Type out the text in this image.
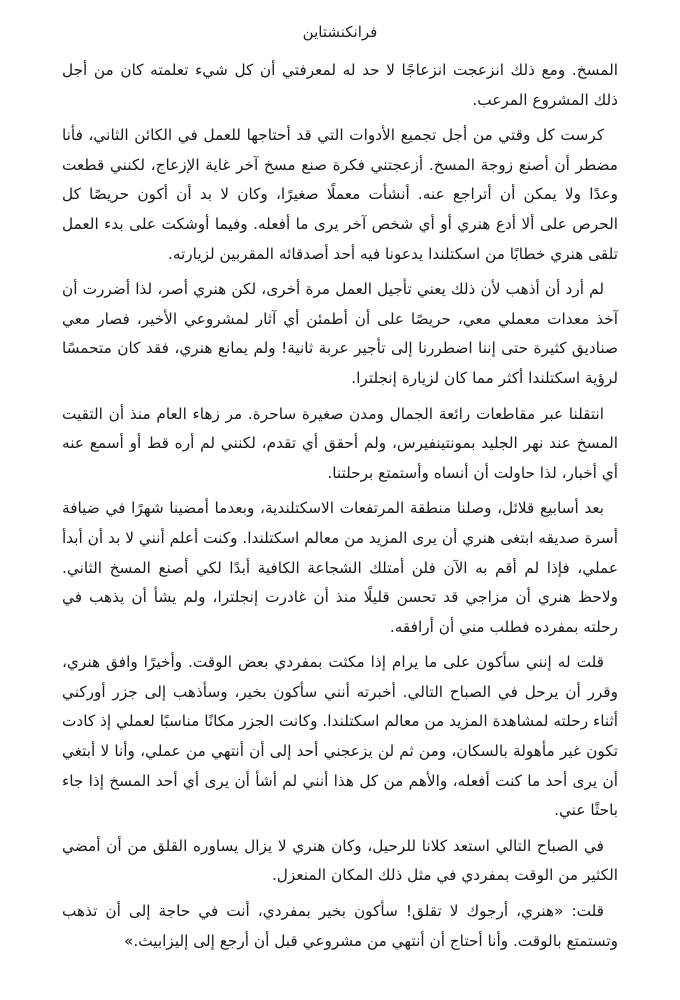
فرانكنشتاين

المسخ. ومع ذلك انزعجت انزعاجًا لا حد له لمعرفتي أن كل شيء تعلمته كان من أجل ذلك المشروع المرعب.

كرست كل وقتي من أجل تجميع الأدوات التي قد أحتاجها للعمل في الكائن الثاني، فأنا مضطر أن أصنع زوجة المسخ. أزعجتني فكرة صنع مسخ آخر غاية الإزعاج، لكنني قطعت وعدًا ولا يمكن أن أتراجع عنه. أنشأت معملًا صغيرًا، وكان لا بد أن أكون حريصًا كل الحرص على ألا أدع هنري أو أي شخص آخر يرى ما أفعله. وفيما أوشكت على بدء العمل تلقى هنري خطابًا من اسكتلندا يدعونا فيه أحد أصدقائه المقربين لزيارته.

لم أرد أن أذهب لأن ذلك يعني تأجيل العمل مرة أخرى، لكن هنري أصر، لذا أضررت أن آخذ معدات معملي معي، حريصًا على أن أطمئن أي آثار لمشروعي الأخير، فصار معي صناديق كثيرة حتى إننا اضطررنا إلى تأجير عربة ثانية! ولم يمانع هنري، فقد كان متحمسًا لرؤية اسكتلندا أكثر مما كان لزيارة إنجلترا.

انتقلنا عبر مقاطعات رائعة الجمال ومدن صغيرة ساحرة. مر زهاء العام منذ أن التقيت المسخ عند نهر الجليد بمونتينفيرس، ولم أحقق أي تقدم، لكنني لم أره قط أو أسمع عنه أي أخبار، لذا حاولت أن أنساه وأستمتع برحلتنا.

بعد أسابيع قلائل، وصلنا منطقة المرتفعات الاسكتلندية، وبعدما أمضينا شهرًا في ضيافة أسرة صديقه ابتغى هنري أن يرى المزيد من معالم اسكتلندا. وكنت أعلم أنني لا بد أن أبدأ عملي، فإذا لم أقم به الآن فلن أمتلك الشجاعة الكافية أبدًا لكي أصنع المسخ الثاني. ولاحظ هنري أن مزاجي قد تحسن قليلًا منذ أن غادرت إنجلترا، ولم يشأ أن يذهب في رحلته بمفرده فطلب مني أن أرافقه.

قلت له إنني سأكون على ما يرام إذا مكثت بمفردي بعض الوقت. وأخيرًا وافق هنري، وقرر أن يرحل في الصباح التالي. أخبرته أنني سأكون بخير، وسأذهب إلى جزر أوركني أثناء رحلته لمشاهدة المزيد من معالم اسكتلندا. وكانت الجزر مكانًا مناسبًا لعملي إذ كادت تكون غير مأهولة بالسكان، ومن ثم لن يزعجني أحد إلى أن أنتهي من عملي، وأنا لا أبتغي أن يرى أحد ما كنت أفعله، والأهم من كل هذا أنني لم أشأ أن يرى أي أحد المسخ إذا جاء باحثًا عني.

في الصباح التالي استعد كلانا للرحيل، وكان هنري لا يزال يساوره القلق من أن أمضي الكثير من الوقت بمفردي في مثل ذلك المكان المنعزل.

قلت: «هنري، أرجوك لا تقلق! سأكون بخير بمفردي، أنت في حاجة إلى أن تذهب وتستمتع بالوقت. وأنا أحتاج أن أنتهي من مشروعي قبل أن أرجع إلى إليزابيث.»
